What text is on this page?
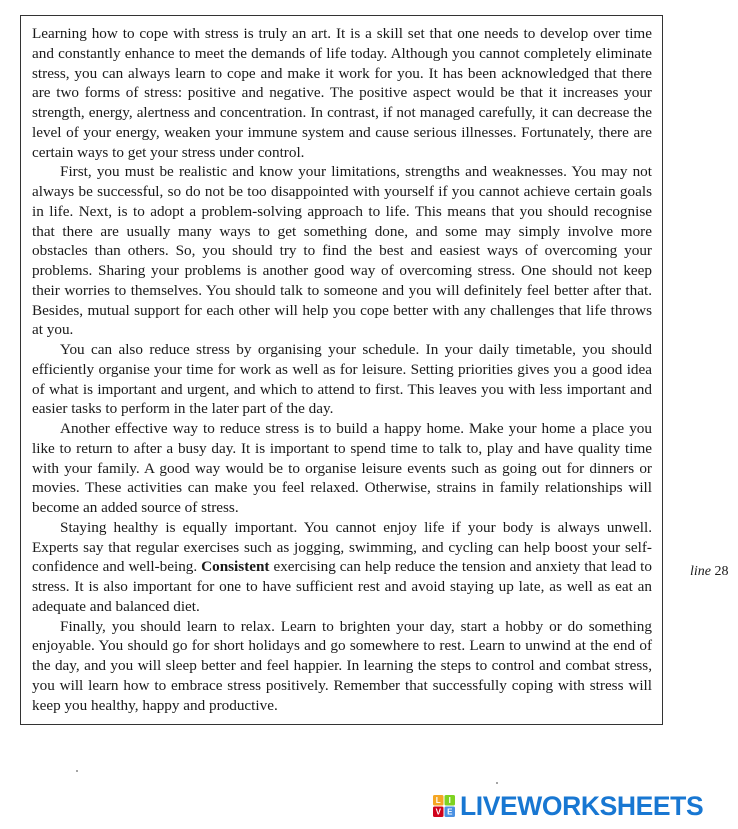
Learning how to cope with stress is truly an art. It is a skill set that one needs to develop over time and constantly enhance to meet the demands of life today. Although you cannot completely eliminate stress, you can always learn to cope and make it work for you. It has been acknowledged that there are two forms of stress: positive and negative. The positive aspect would be that it increases your strength, energy, alertness and concentration. In contrast, if not managed carefully, it can decrease the level of your energy, weaken your immune system and cause serious illnesses. Fortunately, there are certain ways to get your stress under control.

First, you must be realistic and know your limitations, strengths and weaknesses. You may not always be successful, so do not be too disappointed with yourself if you cannot achieve certain goals in life. Next, is to adopt a problem-solving approach to life. This means that you should recognise that there are usually many ways to get something done, and some may simply involve more obstacles than others. So, you should try to find the best and easiest ways of overcoming your problems. Sharing your problems is another good way of overcoming stress. One should not keep their worries to themselves. You should talk to someone and you will definitely feel better after that. Besides, mutual support for each other will help you cope better with any challenges that life throws at you.

You can also reduce stress by organising your schedule. In your daily timetable, you should efficiently organise your time for work as well as for leisure. Setting priorities gives you a good idea of what is important and urgent, and which to attend to first. This leaves you with less important and easier tasks to perform in the later part of the day.

Another effective way to reduce stress is to build a happy home. Make your home a place you like to return to after a busy day. It is important to spend time to talk to, play and have quality time with your family. A good way would be to organise leisure events such as going out for dinners or movies. These activities can make you feel relaxed. Otherwise, strains in family relationships will become an added source of stress.

Staying healthy is equally important. You cannot enjoy life if your body is always unwell. Experts say that regular exercises such as jogging, swimming, and cycling can help boost your self-confidence and well-being. Consistent exercising can help reduce the tension and anxiety that lead to stress. It is also important for one to have sufficient rest and avoid staying up late, as well as eat an adequate and balanced diet.

Finally, you should learn to relax. Learn to brighten your day, start a hobby or do something enjoyable. You should go for short holidays and go somewhere to rest. Learn to unwind at the end of the day, and you will sleep better and feel happier. In learning the steps to control and combat stress, you will learn how to embrace stress positively. Remember that successfully coping with stress will keep you healthy, happy and productive.

line 28
L I
V E LIVEWORKSHEETS
